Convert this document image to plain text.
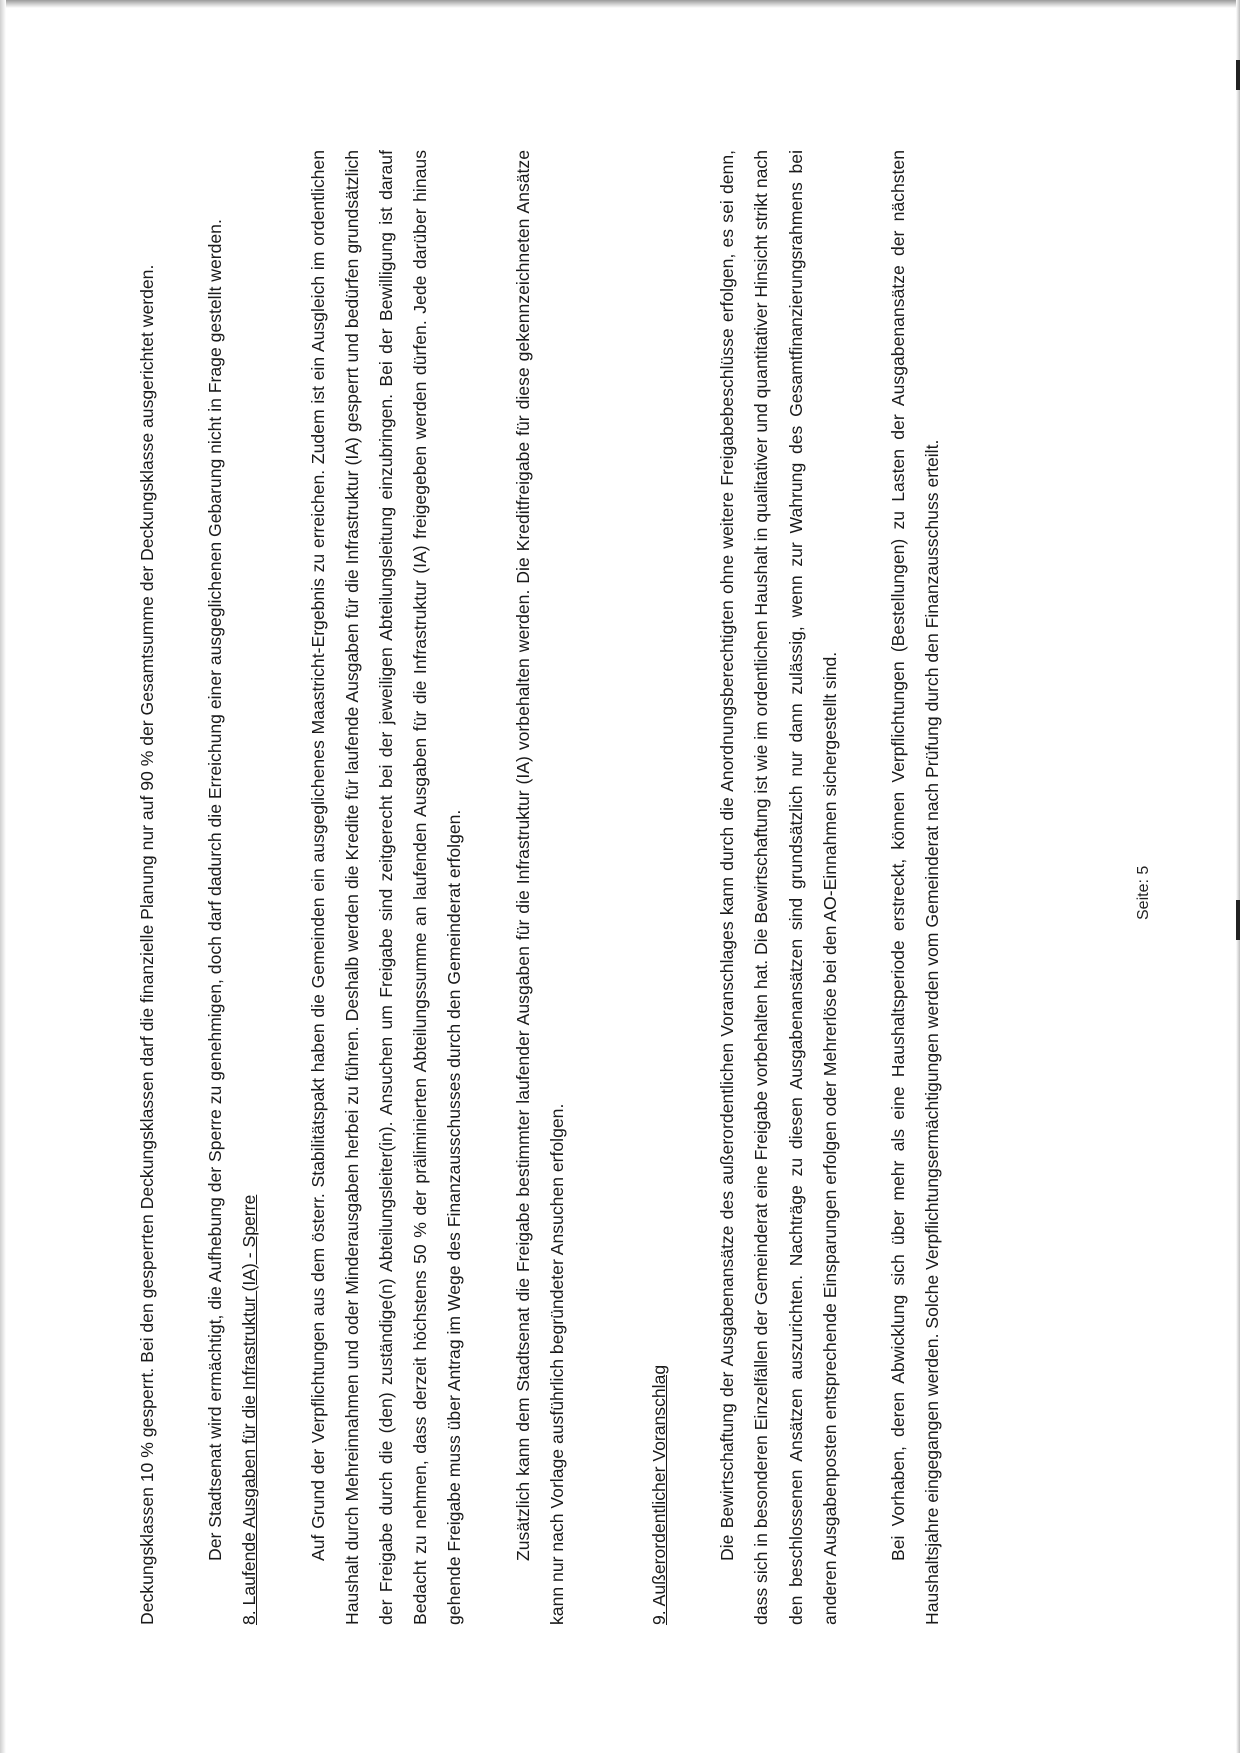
Deckungsklassen 10 % gesperrt. Bei den gesperrten Deckungsklassen darf die finanzielle Planung nur auf 90 % der Gesamtsumme der Deckungsklasse ausgerichtet werden.	Der Stadtsenat wird ermächtigt, die Aufhebung der Sperre zu genehmigen, doch darf dadurch die Erreichung einer ausgeglichenen Gebarung nicht in Frage gestellt werden. 8. Laufende Ausgaben für die Infrastruktur (IA) - Sperre	Auf Grund der Verpflichtungen aus dem österr. Stabilitätspakt haben die Gemeinden ein ausgeglichenes Maastricht-Ergebnis zu erreichen. Zudem ist ein Ausgleich im ordentlichen Haushalt durch Mehreinnahmen und oder Minderausgaben herbei zu führen. Deshalb werden die Kredite für laufende Ausgaben für die Infrastruktur (IA) gesperrt und bedürfen grundsätzlich der Freigabe durch die (den) zuständige(n) Abteilungsleiter(in). Ansuchen um Freigabe sind zeitgerecht bei der jeweiligen Abteilungsleitung einzubringen. Bei der Bewilligung ist darauf Bedacht zu nehmen, dass derzeit höchstens 50 % der präliminierten Abteilungssumme an laufenden Ausgaben für die Infrastruktur (IA) freigegeben werden dürfen. Jede darüber hinaus gehende Freigabe muss über Antrag im Wege des Finanzausschusses durch den Gemeinderat erfolgen.	Zusätzlich kann dem Stadtsenat die Freigabe bestimmter laufender Ausgaben für die Infrastruktur (IA) vorbehalten werden. Die Kreditfreigabe für diese gekennzeichneten Ansätze kann nur nach Vorlage ausführlich begründeter Ansuchen erfolgen.	9. Außerordentlicher Voranschlag	Die Bewirtschaftung der Ausgabenansätze des außerordentlichen Voranschlages kann durch die Anordnungsberechtigten ohne weitere Freigabebeschlüsse erfolgen, es sei denn, dass sich in besonderen Einzelfällen der Gemeinderat eine Freigabe vorbehalten hat. Die Bewirtschaftung ist wie im ordentlichen Haushalt in qualitativer und quantitativer Hinsicht strikt nach den beschlossenen Ansätzen auszurichten. Nachträge zu diesen Ausgabenansätzen sind grundsätzlich nur dann zulässig, wenn zur Wahrung des Gesamtfinanzierungsrahmens bei anderen Ausgabenposten entsprechende Einsparungen erfolgen oder Mehrerlöse bei den AO-Einnahmen sichergestellt sind.	Bei Vorhaben, deren Abwicklung sich über mehr als eine Haushaltsperiode erstreckt, können Verpflichtungen (Bestellungen) zu Lasten der Ausgabenansätze der nächsten Haushaltsjahre eingegangen werden. Solche Verpflichtungsermächtigungen werden vom Gemeinderat nach Prüfung durch den Finanzausschuss erteilt.	Seite: 5
